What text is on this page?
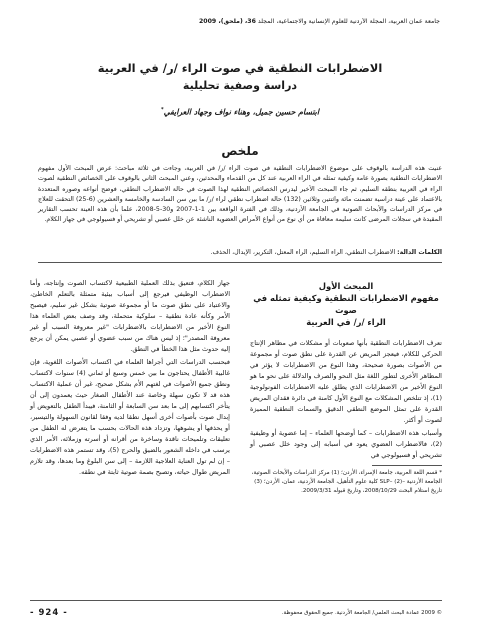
جامعة عمان العربية، المجلة الأردنية للعلوم الإنسانية والاجتماعية، المجلد 36، (ملحق)، 2009
الاضطرابات النطقية في صوت الراء /ر/ في العربية
دراسة وصفية تحليلية

ابتسام حسين جميل، وهناء نواف وجهاد العرايفي*

ملخص

عنيت هذه الدراسة بالوقوف على موضوع الاضطرابات النطقية في صوت الراء /ر/ في العربية، وجاءت في ثلاثة مباحث: عرض المبحث الأول مفهوم الاضطرابات النطقية بصورة عامة وكيفية تمثله في الراء العربية عند كل من القدماء والمحدثين، وعني المبحث الثاني بالوقوف على الخصائص النطقية لصوت الراء في العربية بنطقه السليم، ثم جاء المبحث الأخير ليدرس الخصائص النطقية لهذا الصوت في حالة الاضطراب النطقي، فوضح أنواعه وصوره المتعددة بالاعتماد على عينة دراسية تضمنت مائة واثنتين وثلاثين (132) حالة اضطراب نطقي لراء /ر/ ما بين سن السادسة والخامسة والعشرين (6-25) التحقت للعلاج في مركز الدراسات والأبحاث الصوتية في الجامعة الأردنية، وذلك في الفترة الواقعة بين 1-1-2007 و30-5-2008، علما بأن هذه العينة تحسب التقارير المقيدة في سجلات المرضى كانت سليمة معافاة من أي نوع من أنواع الأمراض العضوية الناشئة عن خلل عصبي أو تشريحي أو فسيولوجي في جهاز الكلام.

الكلمات الدالة: الاضطراب النطقي، الراء السليم، الراء المعتل، التكرير، الإبدال، الحذف.

المبحث الأول
مفهوم الاضطرابات النطقية وكيفية تمثله في صوت
الراء /ر/ في العربية

تعرف الاضطرابات النطقية بأنها صعوبات أو مشكلات في مظاهر الإنتاج الحركي للكلام، فيعجز المريض عن القدرة على نطق صوت أو مجموعة من الأصوات بصورة صحيحة، وهذا النوع من الاضطرابات لا يؤثر في المظاهر الأخرى لتطور اللغة مثل النحو والصرف والدلالة على نحو ما هو النوع الأخير من الاضطرابات الذي يطلق عليه الاضطرابات الفونولوجية (1)، إذ تتلخص المشكلات مع النوع الأول كامنة في دائرة فقدان المريض القدرة على تمثل الموضع النطقي الدقيق والسمات النطقية المميزة لصوت أو أكثر.

وأسباب هذه الاضطرابات – كما أوضحها العلماء – إما عضوية أو وظيفية (2)، فالاضطراب العضوي يعود في أسبابه إلى وجود خلل عصبي أو تشريحي أو فسيولوجي في

* قسم اللغة العربية، جامعة الإسراء، الأردن؛ (1) مركز الدراسات والأبحاث الصوتية، الجامعة الأردنية –SLP– (2) كلية علوم التأهيل، الجامعة الأردنية، عمان، الأردن؛ (3) تاريخ استلام البحث 2008/10/29، وتاريخ قبوله 2009/3/31.

جهاز الكلام، فتعيق بذلك العملية الطبيعية لاكتساب الصوت وإنتاجه، وأما الاضطراب الوظيفي فيرجع إلى أسباب بيئية متمثلة بالتعلم الخاطئ، والاعتياد على نطق صوت ما أو مجموعة صوتية بشكل غير سليم، فيصبح الأمر وكأنه عادة نطقية – سلوكية متحملة، وقد وصف بعض العلماء هذا النوع الأخير من الاضطرابات بالاضطرابات "غير معروفة السبب أو غير معروفة المصدر"؛ إذ ليس هناك من سبب عضوي أو عصبي يمكن أن يرجع إليه حدوث مثل هذا الخطأ في النطق.

فبحسب الدراسات التي أجراها العلماء في اكتساب الأصوات اللغوية، فإن غالبية الأطفال يحتاجون ما بين خمس وسبع أو ثماني (4) سنوات لاكتساب ونطق جميع الأصوات في لغتهم الأم بشكل صحيح، غير أن عملية الاكتساب هذه قد لا تكون سهلة وخاصة عند الأطفال الصغار حيث يعمدون إلى أن يتأخر اكتسابهم إلى ما بعد سن السابعة أو الثامنة، فيبدأ الطفل بالتعويض أو إبدال صوت بأصوات أخرى أسهل نطقا لديه وفقا لقانون السهولة والتيسير، أو يحذفها أو يشوهها، وتزداد هذه الحالات بحسب ما يتعرض له الطفل من تعليقات وتلميحات ناقدة وساخرة من أقرانه أو أسرته وزملائه، الأمر الذي يرسب في داخله الشعور بالضيق والحرج (5)، وقد تستمر هذه الاضطرابات – إن لم تول العناية العلاجية اللازمة – إلى سن البلوغ وما بعدها، وقد تلازم المريض طوال حياته، وتصبح بصمة صوتية ثابتة في نطقه.

© 2009 عمادة البحث العلمي/ الجامعة الأردنية. جميع الحقوق محفوظة.
- 924 -
